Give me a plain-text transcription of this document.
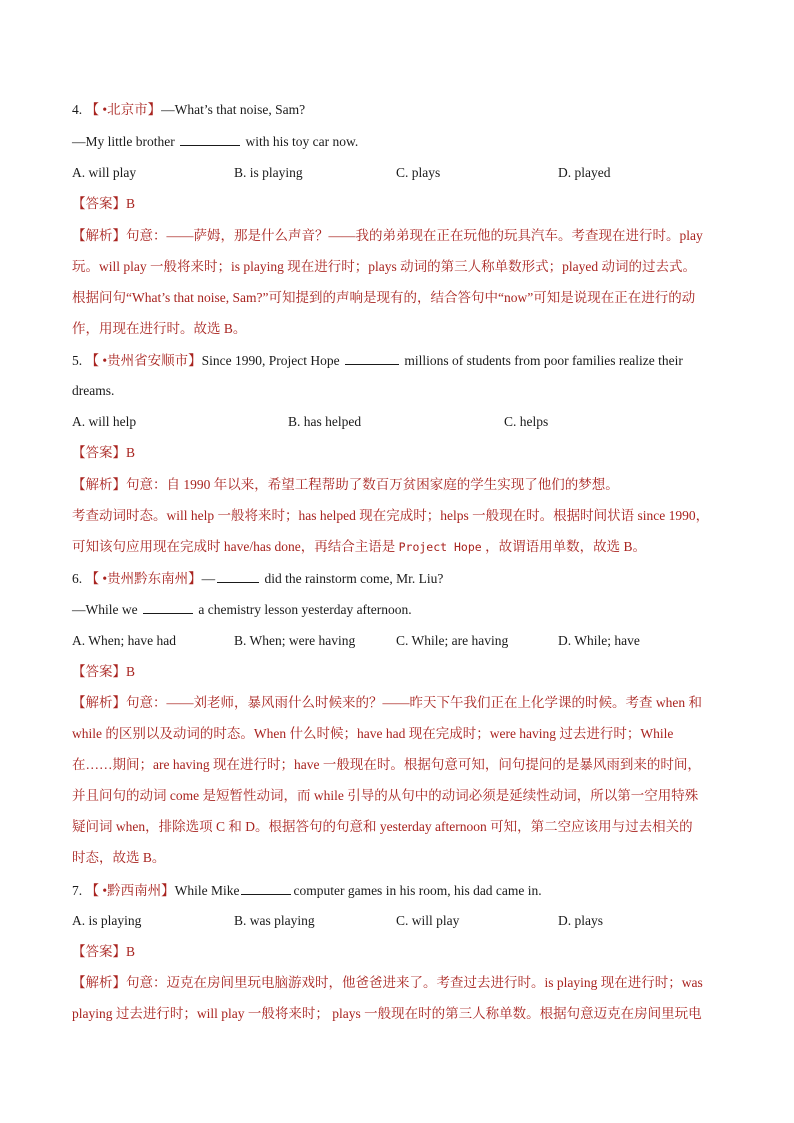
4. 【 •北京市】—What’s that noise, Sam?
—My little brother	with his toy car now.
A. will play	B. is playing	C. plays	D. played
【答案】B
【解析】句意：——萨姆，那是什么声音？——我的弟弟现在正在玩他的玩具汽车。考查现在进行时。play
玩。will play 一般将来时；is playing 现在进行时；plays 动词的第三人称单数形式；played 动词的过去式。
根据问句“What’s that noise, Sam?”可知提到的声响是现有的，结合答句中“now”可知是说现在正在进行的动
作，用现在进行时。故选 B。
5. 【 •贵州省安顺市】Since 1990, Project Hope	millions of students from poor families realize their
dreams.
A. will help	B. has helped	C. helps
【答案】B
【解析】句意：自 1990 年以来，希望工程帮助了数百万贫困家庭的学生实现了他们的梦想。
考查动词时态。will help 一般将来时；has helped 现在完成时；helps 一般现在时。根据时间状语 since 1990，
可知该句应用现在完成时 have/has done，再结合主语是 Project Hope ，故谓语用单数，故选 B。
6. 【 •贵州黔东南州】—	did the rainstorm come, Mr. Liu?
—While we	a chemistry lesson yesterday afternoon.
A. When; have had	B. When; were having	C. While; are having	D. While; have
【答案】B
【解析】句意：——刘老师，暴风雨什么时候来的？——昨天下午我们正在上化学课的时候。考查 when 和
while 的区别以及动词的时态。When 什么时候；have had 现在完成时；were having 过去进行时；While
在……期间；are having 现在进行时；have 一般现在时。根据句意可知，问句提问的是暴风雨到来的时间，
并且问句的动词 come 是短暂性动词，而 while 引导的从句中的动词必须是延续性动词，所以第一空用特殊
疑问词 when，排除选项 C 和 D。根据答句的句意和 yesterday afternoon 可知，第二空应该用与过去相关的
时态，故选 B。
7. 【 •黔西南州】While Mike	computer games in his room, his dad came in.
A. is playing	B. was playing	C. will play	D. plays
【答案】B
【解析】句意：迈克在房间里玩电脑游戏时，他爸爸进来了。考查过去进行时。is playing 现在进行时；was
playing 过去进行时；will play 一般将来时； plays 一般现在时的第三人称单数。根据句意迈克在房间里玩电
